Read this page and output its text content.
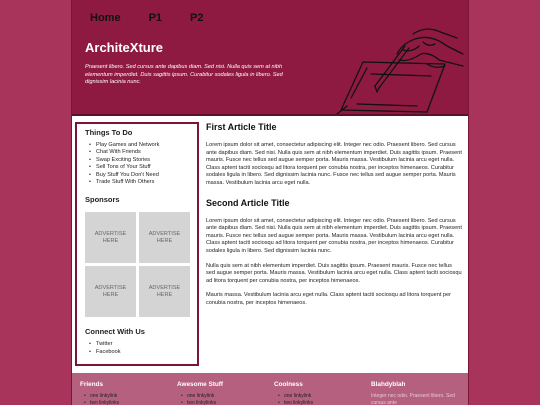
Home	P1	P2
ArchiteXture
Praesent libero. Sed cursus ante dapibus diam. Sed nisi. Nulla quis sem at nibh elementum imperdiet. Duis sagittis ipsum. Curabitur sodales ligula in libero. Sed dignissim lacinia nunc.
Things To Do
• Play Games and Network
• Chat With Friends
• Swap Exciting Stories
• Sell Tons of Your Stuff
• Buy Stuff You Don't Need
• Trade Stuff With Others
Sponsors
ADVERTISE
HERE
ADVERTISE
HERE
ADVERTISE
HERE
ADVERTISE
HERE
Connect With Us
• Twitter
• Facebook
First Article Title

Lorem ipsum dolor sit amet, consectetur adipiscing elit. Integer nec odio. Praesent libero. Sed cursus ante dapibus diam. Sed nisi. Nulla quis sem at nibh elementum imperdiet. Duis sagittis ipsum. Praesent mauris. Fusce nec tellus sed augue semper porta. Mauris massa. Vestibulum lacinia arcu eget nulla. Class aptent taciti sociosqu ad litora torquent per conubia nostra, per inceptos himenaeos. Curabitur sodales ligula in libero. Sed dignissim lacinia nunc. Fusce nec tellus sed augue semper porta. Mauris massa. Vestibulum lacinia arcu eget nulla.

Second Article Title

Lorem ipsum dolor sit amet, consectetur adipiscing elit. Integer nec odio. Praesent libero. Sed cursus ante dapibus diam. Sed nisi. Nulla quis sem at nibh elementum imperdiet. Duis sagittis ipsum. Praesent mauris. Fusce nec tellus sed augue semper porta. Mauris massa. Vestibulum lacinia arcu eget nulla. Class aptent taciti sociosqu ad litora torquent per conubia nostra, per inceptos himenaeos. Curabitur sodales ligula in libero. Sed dignissim lacinia nunc.

Nulla quis sem at nibh elementum imperdiet. Duis sagittis ipsum. Praesent mauris. Fusce nec tellus sed augue semper porta. Mauris massa. Vestibulum lacinia arcu eget nulla. Class aptent taciti sociosqu ad litora torquent per conubia nostra, per inceptos himenaeos.

Mauris massa. Vestibulum lacinia arcu eget nulla. Class aptent taciti sociosqu ad litora torquent per conubia nostra, per inceptos himenaeos.

Friends
• one linkylink
• two linkylinks
Awesome Stuff
• one linkylink
• two linkylinks
Coolness
• one linkylink
• two linkylinks
Blahdyblah

Integer nec odio. Praesent libero. Sed cursus ante
